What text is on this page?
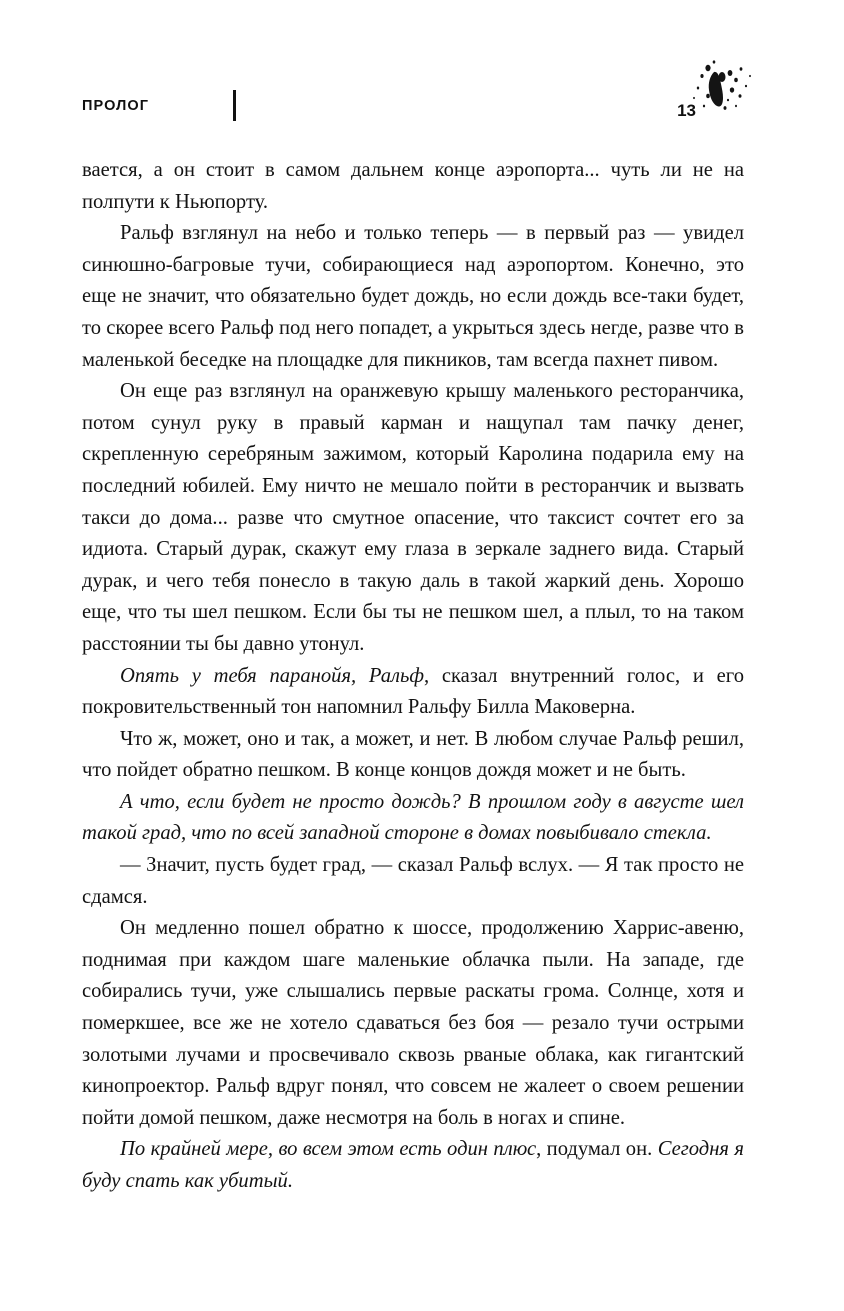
ПРОЛОГ	13

вается, а он стоит в самом дальнем конце аэропорта... чуть ли не на полпути к Ньюпорту.

Ральф взглянул на небо и только теперь — в первый раз — увидел синюшно-багровые тучи, собирающиеся над аэропортом. Конечно, это еще не значит, что обязательно будет дождь, но если дождь все-таки будет, то скорее всего Ральф под него попадет, а укрыться здесь негде, разве что в маленькой беседке на площадке для пикников, там всегда пахнет пивом.

Он еще раз взглянул на оранжевую крышу маленького ресторанчика, потом сунул руку в правый карман и нащупал там пачку денег, скрепленную серебряным зажимом, который Каролина подарила ему на последний юбилей. Ему ничто не мешало пойти в ресторанчик и вызвать такси до дома... разве что смутное опасение, что таксист сочтет его за идиота. Старый дурак, скажут ему глаза в зеркале заднего вида. Старый дурак, и чего тебя понесло в такую даль в такой жаркий день. Хорошо еще, что ты шел пешком. Если бы ты не пешком шел, а плыл, то на таком расстоянии ты бы давно утонул.

Опять у тебя паранойя, Ральф, сказал внутренний голос, и его покровительственный тон напомнил Ральфу Билла Маковерна.

Что ж, может, оно и так, а может, и нет. В любом случае Ральф решил, что пойдет обратно пешком. В конце концов дождя может и не быть.

А что, если будет не просто дождь? В прошлом году в августе шел такой град, что по всей западной стороне в домах повыбивало стекла.

— Значит, пусть будет град, — сказал Ральф вслух. — Я так просто не сдамся.

Он медленно пошел обратно к шоссе, продолжению Харрис-авеню, поднимая при каждом шаге маленькие облачка пыли. На западе, где собирались тучи, уже слышались первые раскаты грома. Солнце, хотя и померкшее, все же не хотело сдаваться без боя — резало тучи острыми золотыми лучами и просвечивало сквозь рваные облака, как гигантский кинопроектор. Ральф вдруг понял, что совсем не жалеет о своем решении пойти домой пешком, даже несмотря на боль в ногах и спине.

По крайней мере, во всем этом есть один плюс, подумал он. Сегодня я буду спать как убитый.
